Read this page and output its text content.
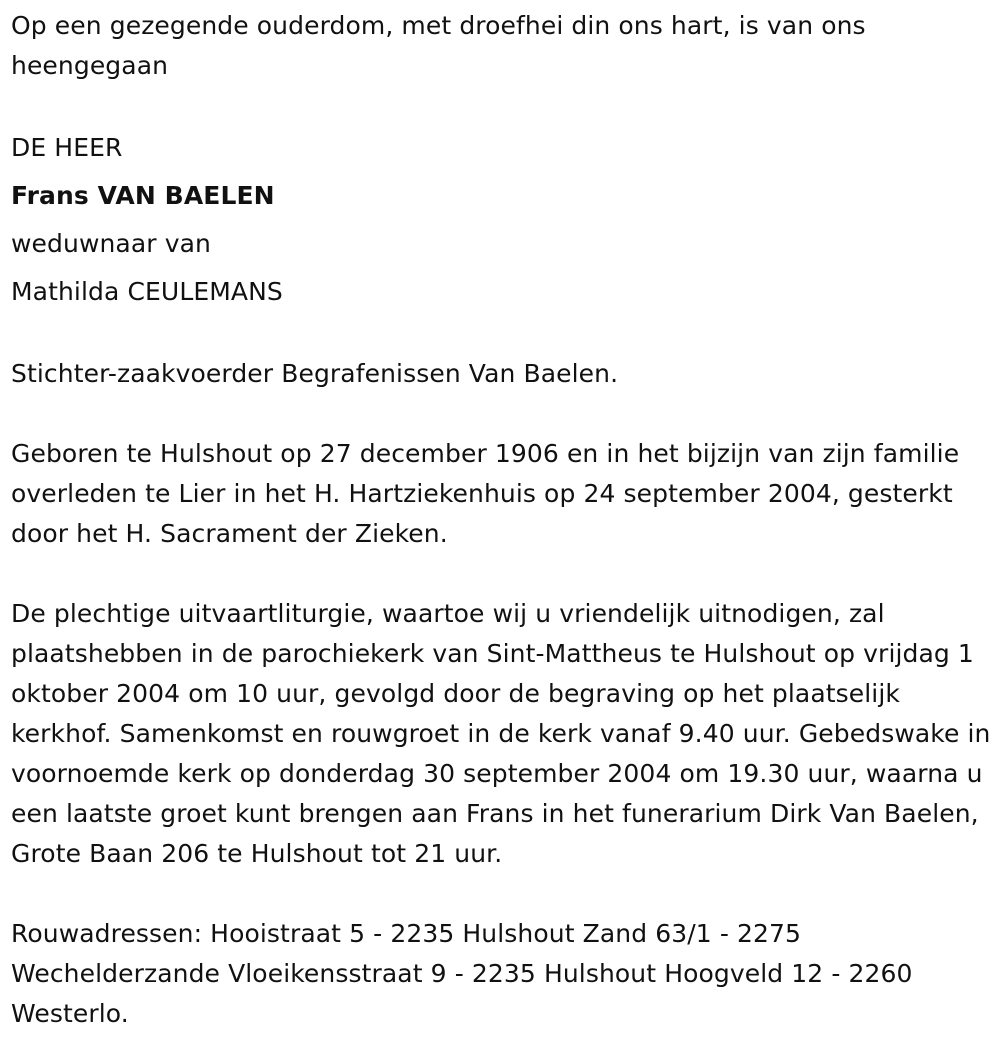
Op een gezegende ouderdom, met droefhei din ons hart, is van ons heengegaan

DE HEER
Frans VAN BAELEN
weduwnaar van
Mathilda CEULEMANS

Stichter-zaakvoerder Begrafenissen Van Baelen.

Geboren te Hulshout op 27 december 1906 en in het bijzijn van zijn familie overleden te Lier in het H. Hartziekenhuis op 24 september 2004, gesterkt door het H. Sacrament der Zieken.

De plechtige uitvaartliturgie, waartoe wij u vriendelijk uitnodigen, zal plaatshebben in de parochiekerk van Sint-Mattheus te Hulshout op vrijdag 1 oktober 2004 om 10 uur, gevolgd door de begraving op het plaatselijk kerkhof. Samenkomst en rouwgroet in de kerk vanaf 9.40 uur. Gebedswake in voornoemde kerk op donderdag 30 september 2004 om 19.30 uur, waarna u een laatste groet kunt brengen aan Frans in het funerarium Dirk Van Baelen, Grote Baan 206 te Hulshout tot 21 uur.

Rouwadressen: Hooistraat 5 - 2235 Hulshout Zand 63/1 - 2275 Wechelderzande Vloeikensstraat 9 - 2235 Hulshout Hoogveld 12 - 2260 Westerlo.
